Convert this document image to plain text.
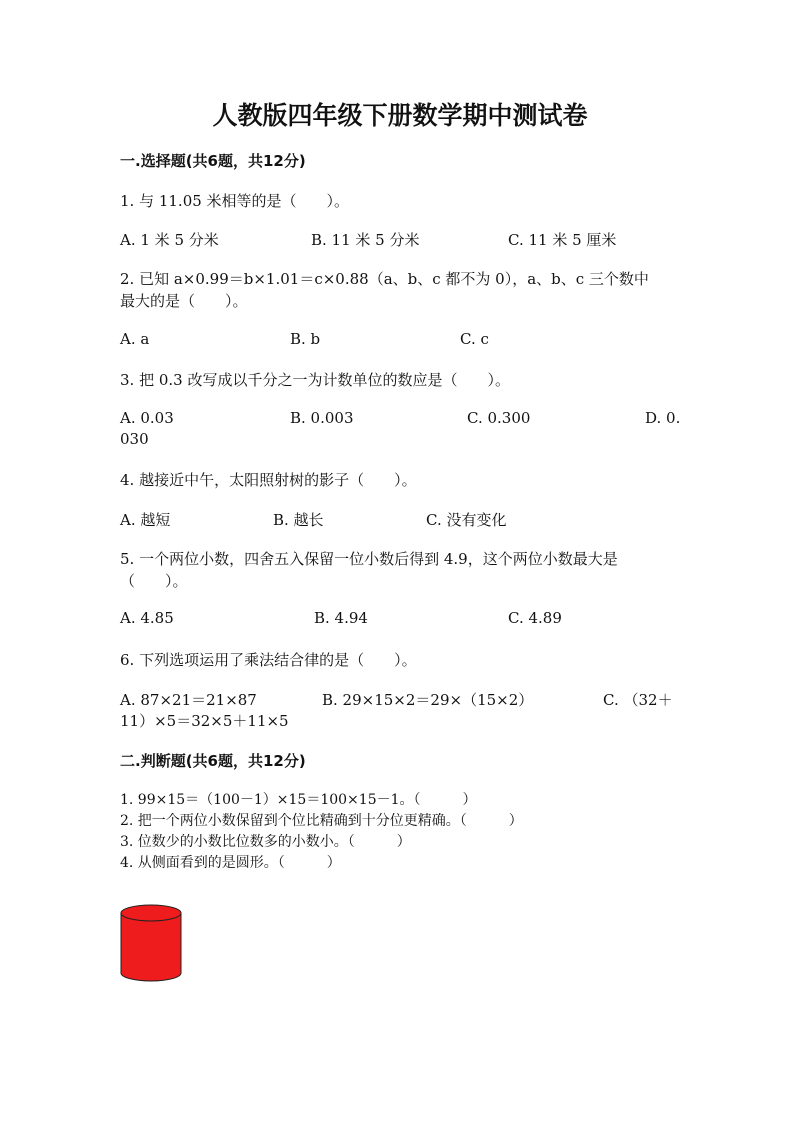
人教版四年级下册数学期中测试卷
一.选择题(共6题，共12分)
1. 与 11.05 米相等的是（　　）。
A. 1 米 5 分米	B. 11 米 5 分米	C. 11 米 5 厘米
2. 已知 a×0.99＝b×1.01＝c×0.88（a、b、c 都不为 0），a、b、c 三个数中
最大的是（　　）。
A. a	B. b	C. c
3. 把 0.3 改写成以千分之一为计数单位的数应是（　　）。
A. 0.03	B. 0.003	C. 0.300	D. 0.
030
4. 越接近中午，太阳照射树的影子（　　）。
A. 越短	B. 越长	C. 没有变化
5. 一个两位小数，四舍五入保留一位小数后得到 4.9，这个两位小数最大是
（　　）。
A. 4.85	B. 4.94	C. 4.89
6. 下列选项运用了乘法结合律的是（　　）。
A. 87×21＝21×87	B. 29×15×2＝29×（15×2）	C. （32＋
11）×5＝32×5＋11×5
二.判断题(共6题，共12分)
1. 99×15＝（100－1）×15＝100×15－1。（　　　）
2. 把一个两位小数保留到个位比精确到十分位更精确。（　　　）
3. 位数少的小数比位数多的小数小。（　　　）
4. 从侧面看到的是圆形。（　　　）
